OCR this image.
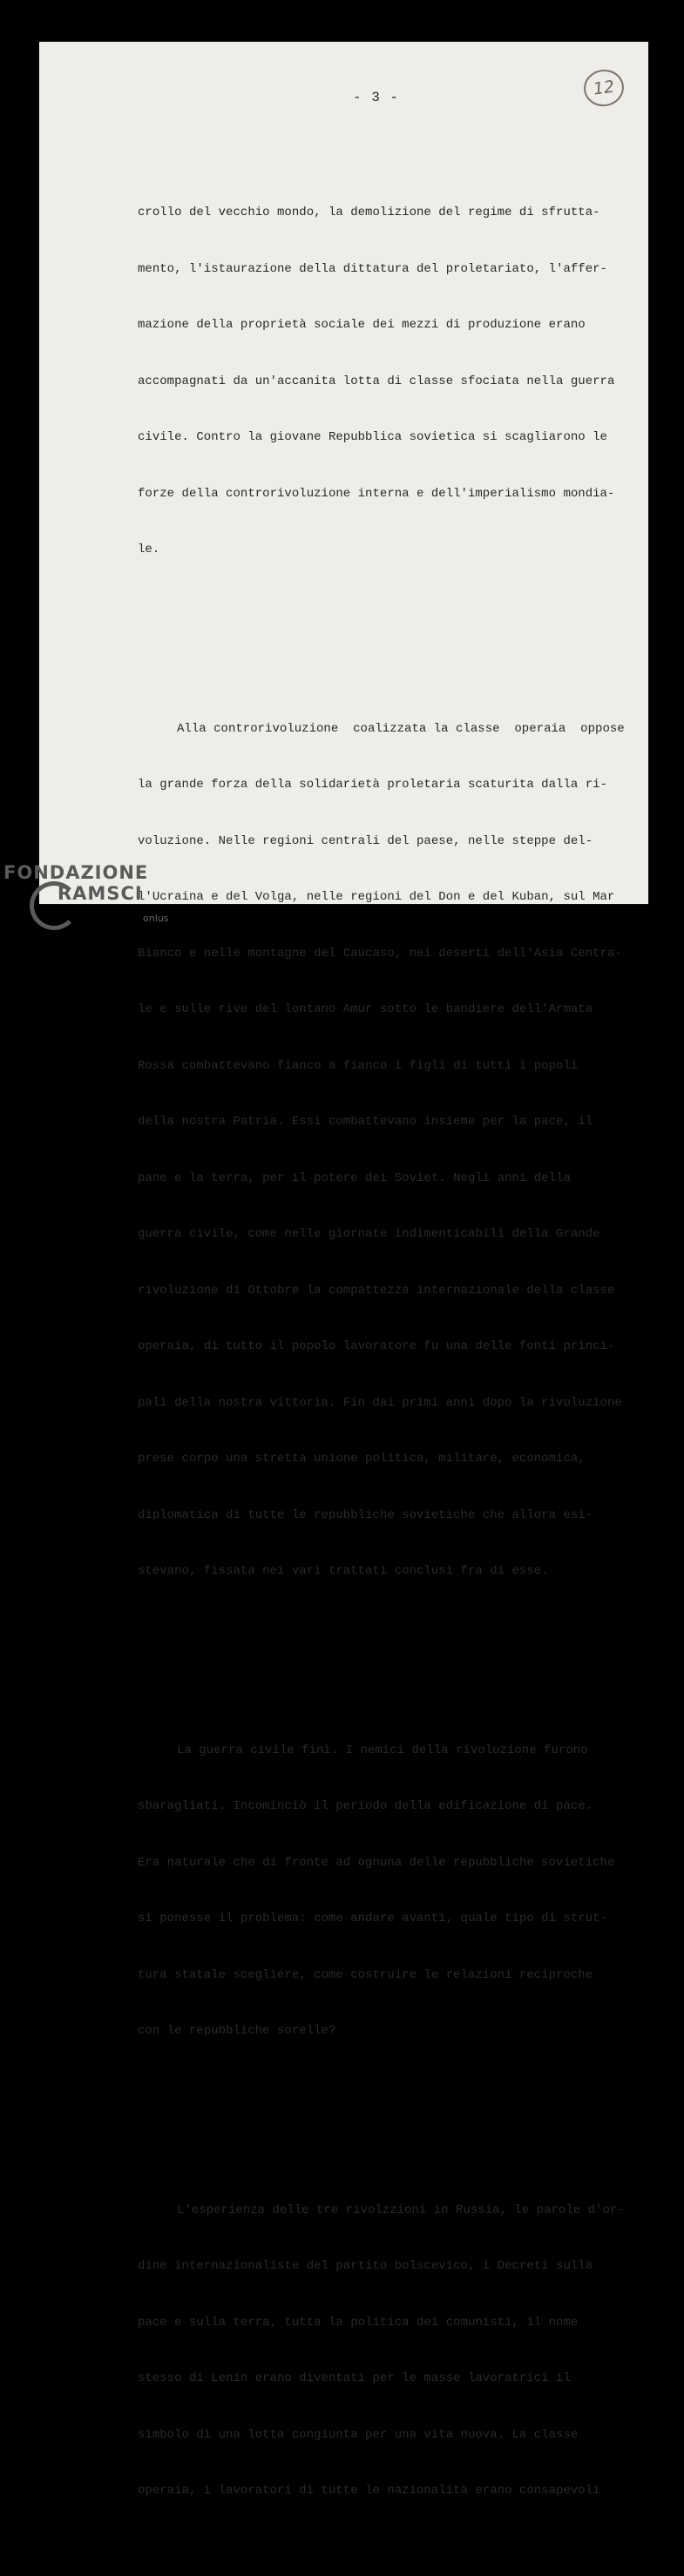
12
- 3 -

crollo del vecchio mondo, la demolizione del regime di sfrutta-

mento, l'istaurazione della dittatura del proletariato, l'affer-

mazione della proprietà sociale dei mezzi di produzione erano

accompagnati da un'accanita lotta di classe sfociata nella guerra

civile. Contro la giovane Repubblica sovietica si scagliarono le

forze della controrivoluzione interna e dell'imperialismo mondia-

le.

Alla controrivoluzione  coalizzata la classe  operaia  oppose

la grande forza della solidarietà proletaria scaturita dalla ri-

voluzione. Nelle regioni centrali del paese, nelle steppe del-

l'Ucraina e del Volga, nelle regioni del Don e del Kuban, sul Mar

Bianco e nelle montagne del Caucaso, nei deserti dell'Asia Centra-

le e sulle rive del lontano Amur sotto le bandiere dell'Armata

Rossa combattevano fianco a fianco i figli di tutti i popoli

della nostra Patria. Essi combattevano insieme per la pace, il

pane e la terra, per il potere dei Soviet. Negli anni della

guerra civile, come nelle giornate indimenticabili della Grande

rivoluzione di Ottobre la compattezza internazionale della classe

operaia, di tutto il popolo lavoratore fu una delle fonti princi-

pali della nostra vittoria. Fin dai primi anni dopo la rivoluzione

prese corpo una stretta unione politica, militare, economica,

diplomatica di tutte le repubbliche sovietiche che allora esi-

stevano, fissata nei vari trattati conclusi fra di esse.

La guerra civile finì. I nemici della rivoluzione furono

sbaragliati. Incominciò il periodo della edificazione di pace.

Era naturale che di fronte ad ognuna delle repubbliche sovietiche

si ponesse il problema: come andare avanti, quale tipo di strut-

tura statale scegliere, come costruire le relazioni reciproche

con le repubbliche sorelle?

L'esperienza delle tre rivolzzioni in Russia, le parole d'or-

dine internazionaliste del partito bolscevico, i Decreti sulla

pace e sulla terra, tutta la politica dei comunisti, il nome

stesso di Lenin erano diventati per le masse lavoratrici il

simbolo di una lotta congiunta per una vita nuova. La classe

operaia, i lavoratori di tutte le nazionalità erano consapevoli

FONDAZIONE
RAMSCI
onlus
